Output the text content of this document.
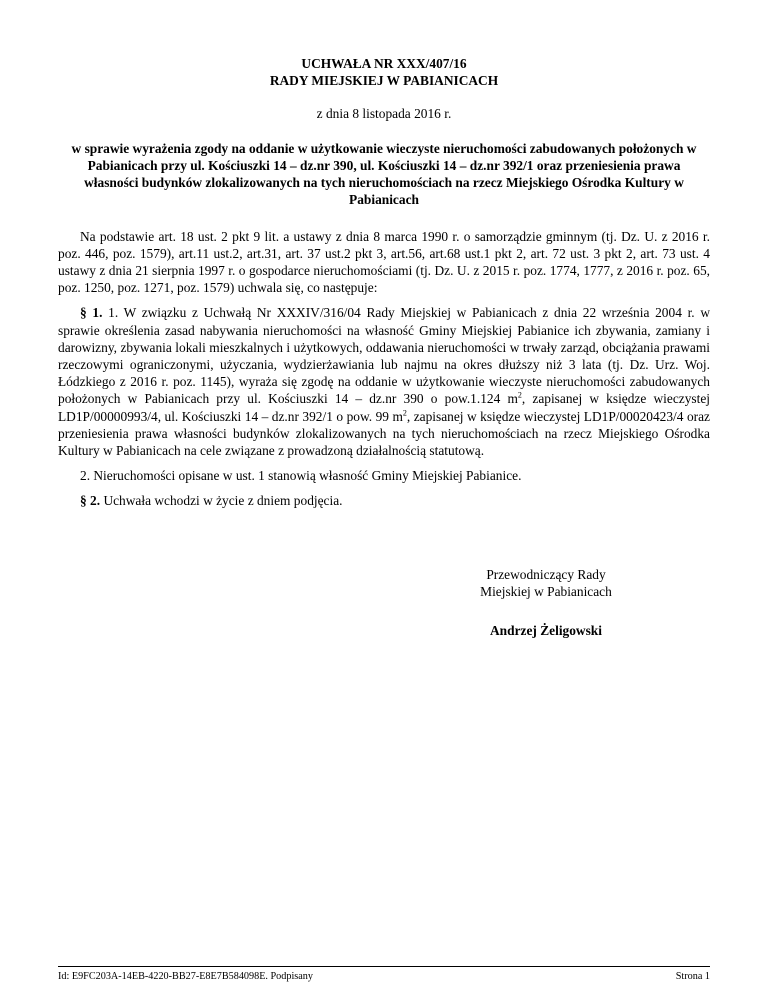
UCHWAŁA NR XXX/407/16
RADY MIEJSKIEJ W PABIANICACH
z dnia 8 listopada 2016 r.
w sprawie wyrażenia zgody na oddanie w użytkowanie wieczyste nieruchomości zabudowanych położonych w Pabianicach przy ul. Kościuszki 14 – dz.nr 390, ul. Kościuszki 14 – dz.nr 392/1 oraz przeniesienia prawa własności budynków zlokalizowanych na tych nieruchomościach na rzecz Miejskiego Ośrodka Kultury w Pabianicach
Na podstawie art. 18 ust. 2 pkt 9 lit. a ustawy z dnia 8 marca 1990 r. o samorządzie gminnym (tj. Dz. U. z 2016 r. poz. 446, poz. 1579), art.11 ust.2, art.31, art. 37 ust.2 pkt 3, art.56, art.68 ust.1 pkt 2, art. 72 ust. 3 pkt 2, art. 73 ust. 4 ustawy z dnia 21 sierpnia 1997 r. o gospodarce nieruchomościami (tj. Dz. U. z 2015 r. poz. 1774, 1777, z 2016 r. poz. 65, poz. 1250, poz. 1271, poz. 1579) uchwala się, co następuje:
§ 1. 1. W związku z Uchwałą Nr XXXIV/316/04 Rady Miejskiej w Pabianicach z dnia 22 września 2004 r. w sprawie określenia zasad nabywania nieruchomości na własność Gminy Miejskiej Pabianice ich zbywania, zamiany i darowizny, zbywania lokali mieszkalnych i użytkowych, oddawania nieruchomości w trwały zarząd, obciążania prawami rzeczowymi ograniczonymi, użyczania, wydzierżawiania lub najmu na okres dłuższy niż 3 lata (tj. Dz. Urz. Woj. Łódzkiego z 2016 r. poz. 1145), wyraża się zgodę na oddanie w użytkowanie wieczyste nieruchomości zabudowanych położonych w Pabianicach przy ul. Kościuszki 14 – dz.nr 390 o pow.1.124 $m^2$, zapisanej w księdze wieczystej LD1P/00000993/4, ul. Kościuszki 14 – dz.nr 392/1 o pow. 99 $m^2$, zapisanej w księdze wieczystej LD1P/00020423/4 oraz przeniesienia prawa własności budynków zlokalizowanych na tych nieruchomościach na rzecz Miejskiego Ośrodka Kultury w Pabianicach na cele związane z prowadzoną działalnością statutową.
2. Nieruchomości opisane w ust. 1 stanowią własność Gminy Miejskiej Pabianice.
§ 2. Uchwała wchodzi w życie z dniem podjęcia.
Przewodniczący Rady
Miejskiej w Pabianicach
Andrzej Żeligowski
Id: E9FC203A-14EB-4220-BB27-E8E7B584098E. Podpisany	Strona 1
